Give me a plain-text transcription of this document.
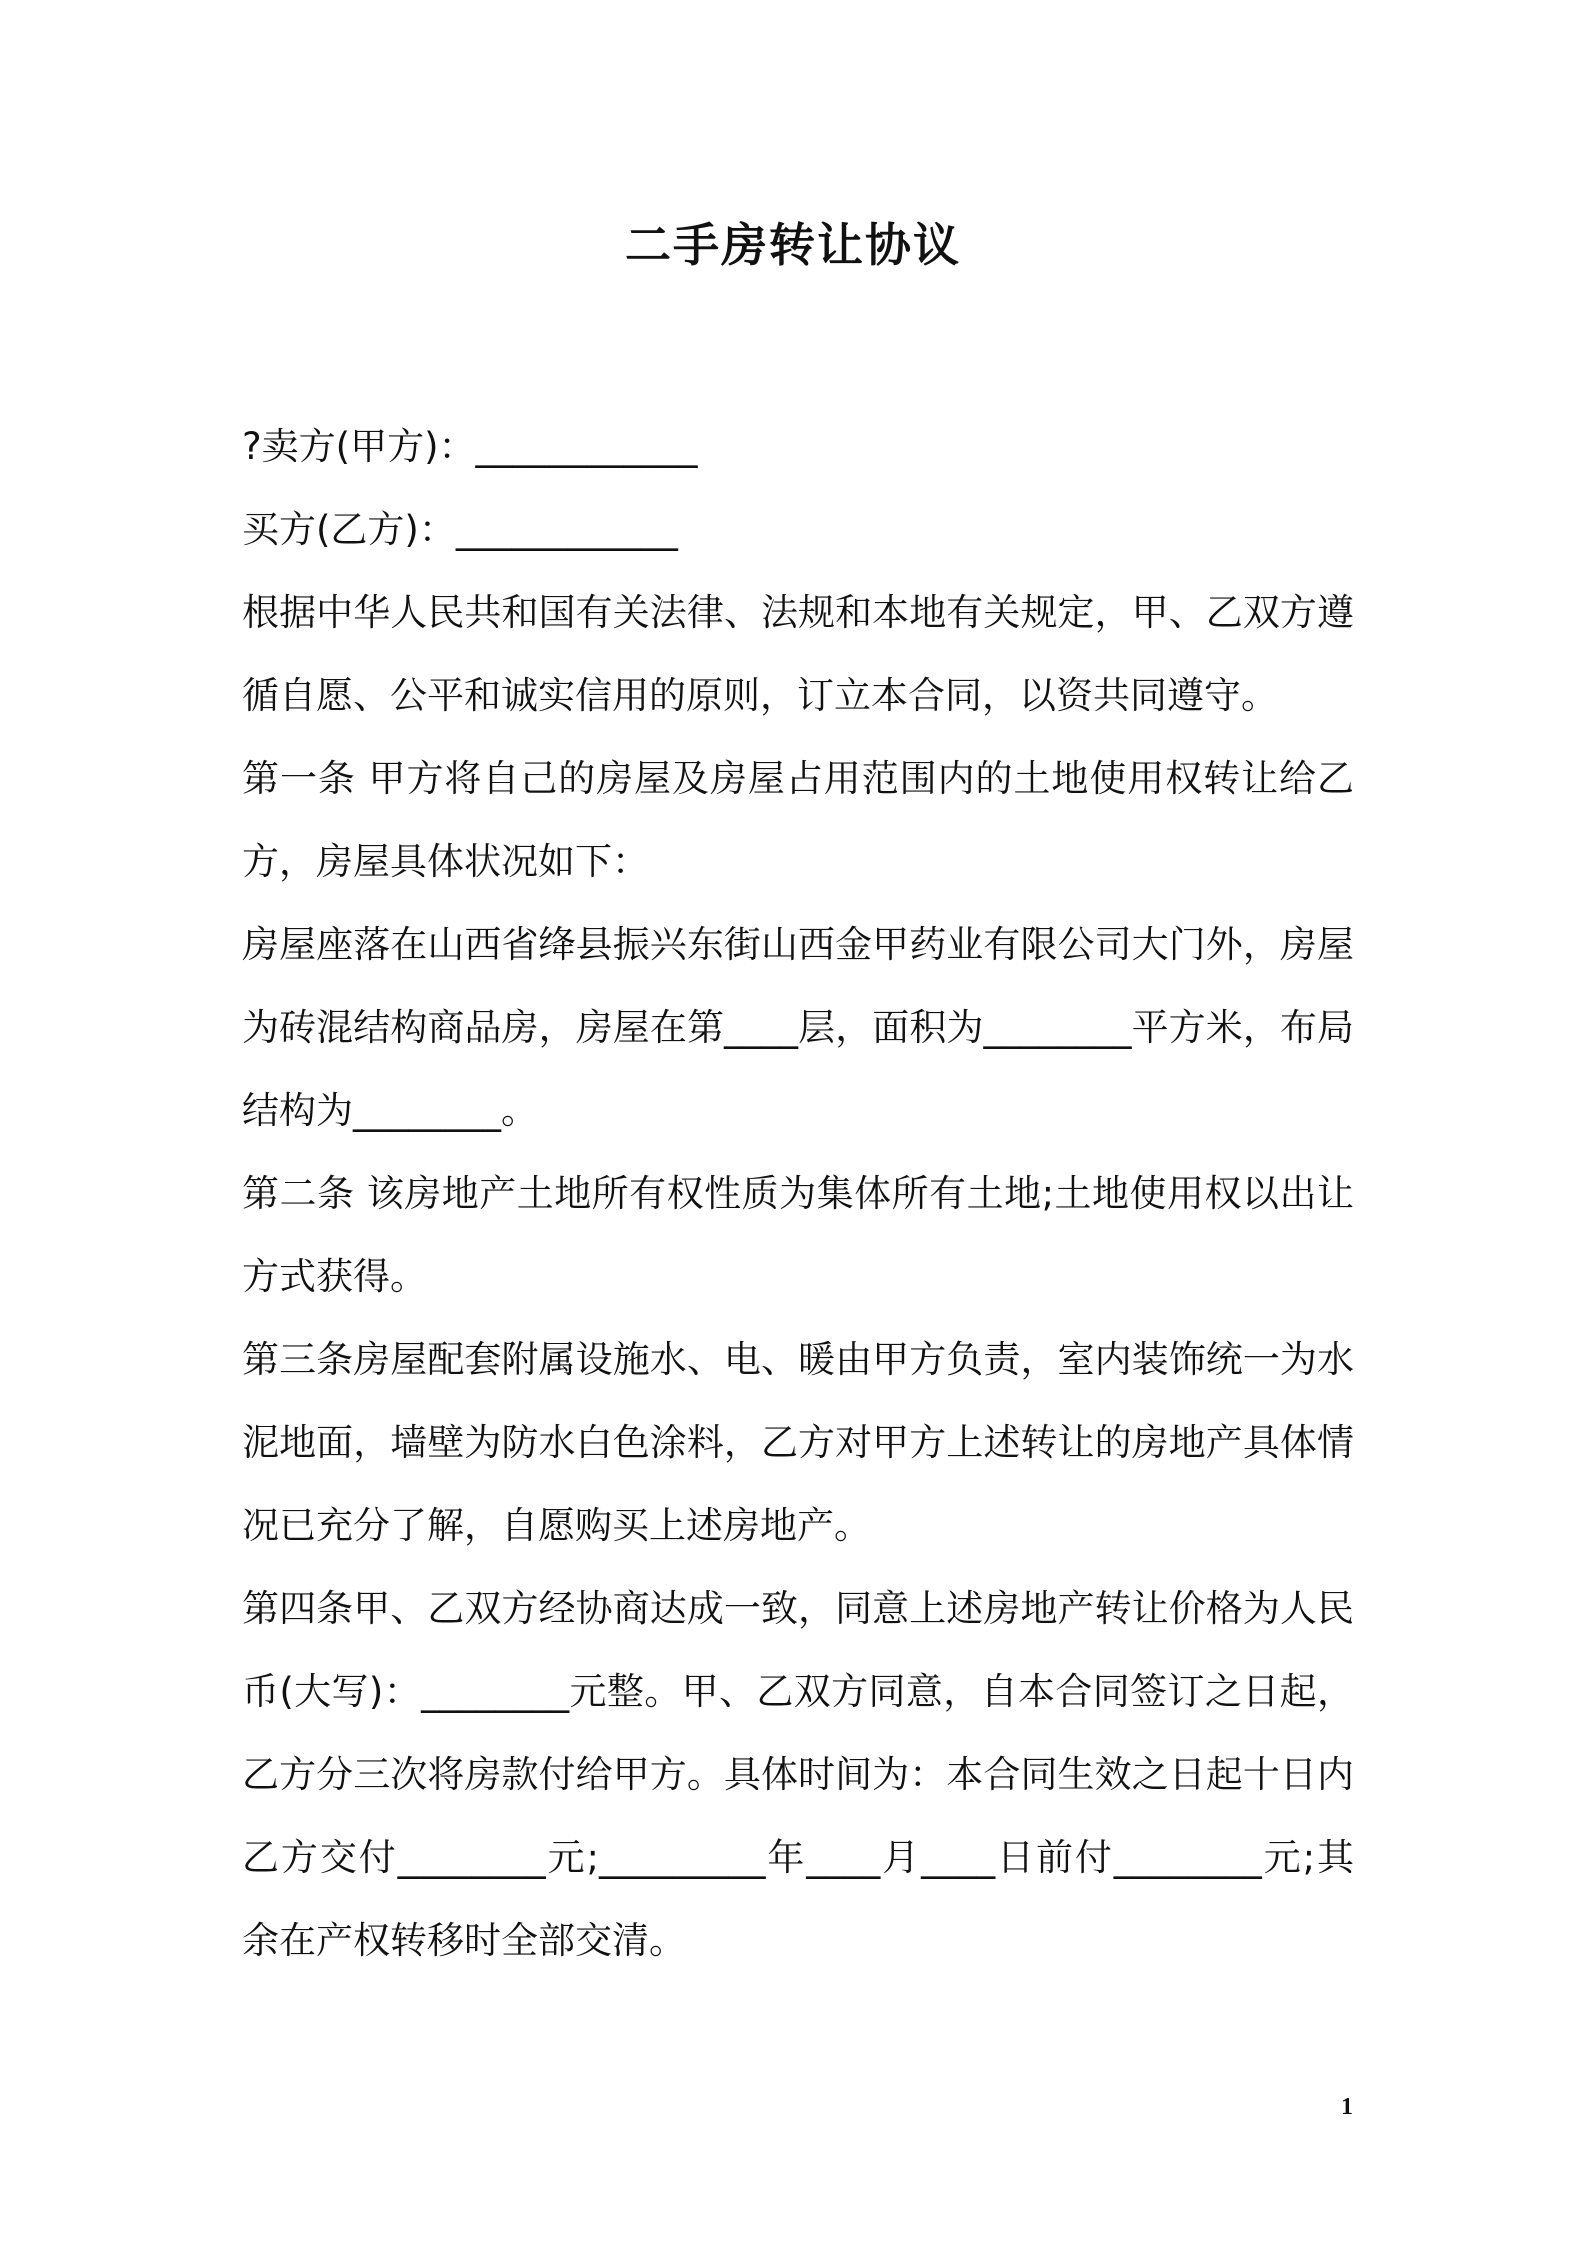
二手房转让协议

?卖方(甲方)：____________

买方(乙方)：____________

根据中华人民共和国有关法律、法规和本地有关规定，甲、乙双方遵循自愿、公平和诚实信用的原则，订立本合同，以资共同遵守。

第一条 甲方将自己的房屋及房屋占用范围内的土地使用权转让给乙方，房屋具体状况如下：

房屋座落在山西省绛县振兴东街山西金甲药业有限公司大门外，房屋为砖混结构商品房，房屋在第____层，面积为________平方米，布局结构为________。

第二条 该房地产土地所有权性质为集体所有土地;土地使用权以出让方式获得。

第三条房屋配套附属设施水、电、暖由甲方负责，室内装饰统一为水泥地面，墙壁为防水白色涂料，乙方对甲方上述转让的房地产具体情况已充分了解，自愿购买上述房地产。

第四条甲、乙双方经协商达成一致，同意上述房地产转让价格为人民币(大写)：________元整。甲、乙双方同意，自本合同签订之日起，乙方分三次将房款付给甲方。具体时间为：本合同生效之日起十日内乙方交付________元;_________年____月____日前付________元;其余在产权转移时全部交清。

1
